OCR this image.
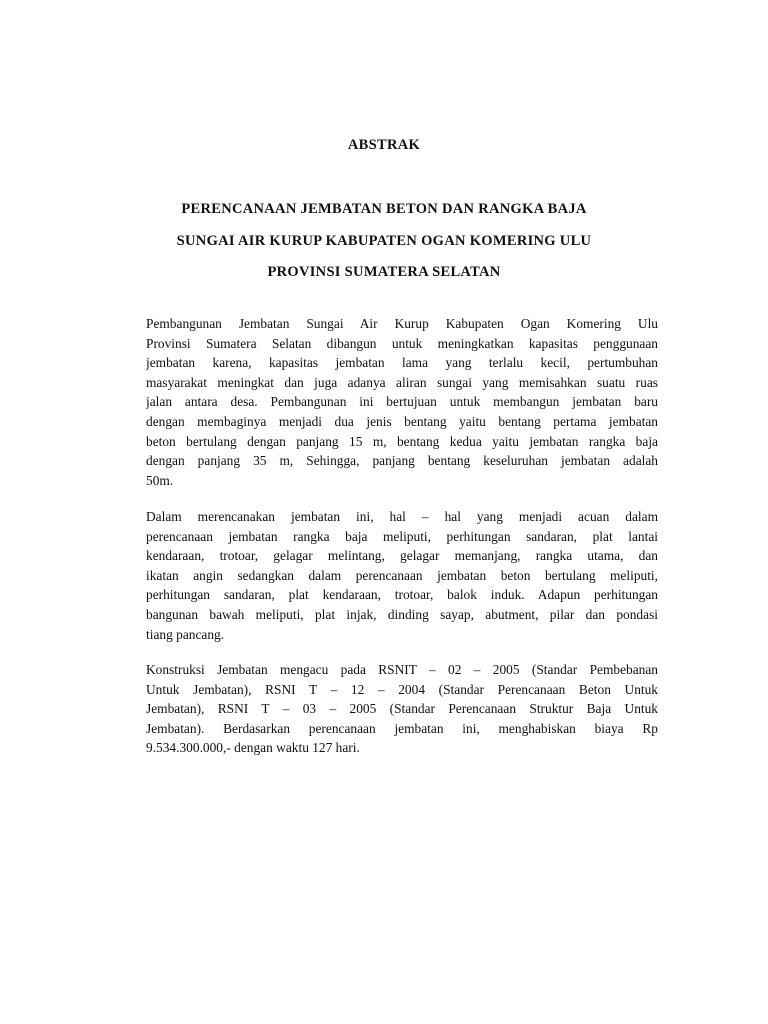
ABSTRAK
PERENCANAAN JEMBATAN BETON DAN RANGKA BAJA
SUNGAI AIR KURUP KABUPATEN OGAN KOMERING ULU
PROVINSI SUMATERA SELATAN
Pembangunan Jembatan Sungai Air Kurup Kabupaten Ogan Komering Ulu
Provinsi Sumatera Selatan dibangun untuk meningkatkan kapasitas penggunaan
jembatan karena, kapasitas jembatan lama yang terlalu kecil, pertumbuhan
masyarakat meningkat dan juga adanya aliran sungai yang memisahkan suatu ruas
jalan antara desa. Pembangunan ini bertujuan untuk membangun jembatan baru
dengan membaginya menjadi dua jenis bentang yaitu bentang pertama jembatan
beton bertulang dengan panjang 15 m, bentang kedua yaitu jembatan rangka baja
dengan panjang 35 m, Sehingga, panjang bentang keseluruhan jembatan adalah
50m.
Dalam merencanakan jembatan ini, hal – hal yang menjadi acuan dalam
perencanaan jembatan rangka baja meliputi, perhitungan sandaran, plat lantai
kendaraan, trotoar, gelagar melintang, gelagar memanjang, rangka utama, dan
ikatan angin sedangkan dalam perencanaan jembatan beton bertulang meliputi,
perhitungan sandaran, plat kendaraan, trotoar, balok induk. Adapun perhitungan
bangunan bawah meliputi, plat injak, dinding sayap, abutment, pilar dan pondasi
tiang pancang.
Konstruksi Jembatan mengacu pada RSNIT – 02 – 2005 (Standar Pembebanan
Untuk Jembatan), RSNI T – 12 – 2004 (Standar Perencanaan Beton Untuk
Jembatan), RSNI T – 03 – 2005 (Standar Perencanaan Struktur Baja Untuk
Jembatan). Berdasarkan perencanaan jembatan ini, menghabiskan biaya Rp
9.534.300.000,- dengan waktu 127 hari.
